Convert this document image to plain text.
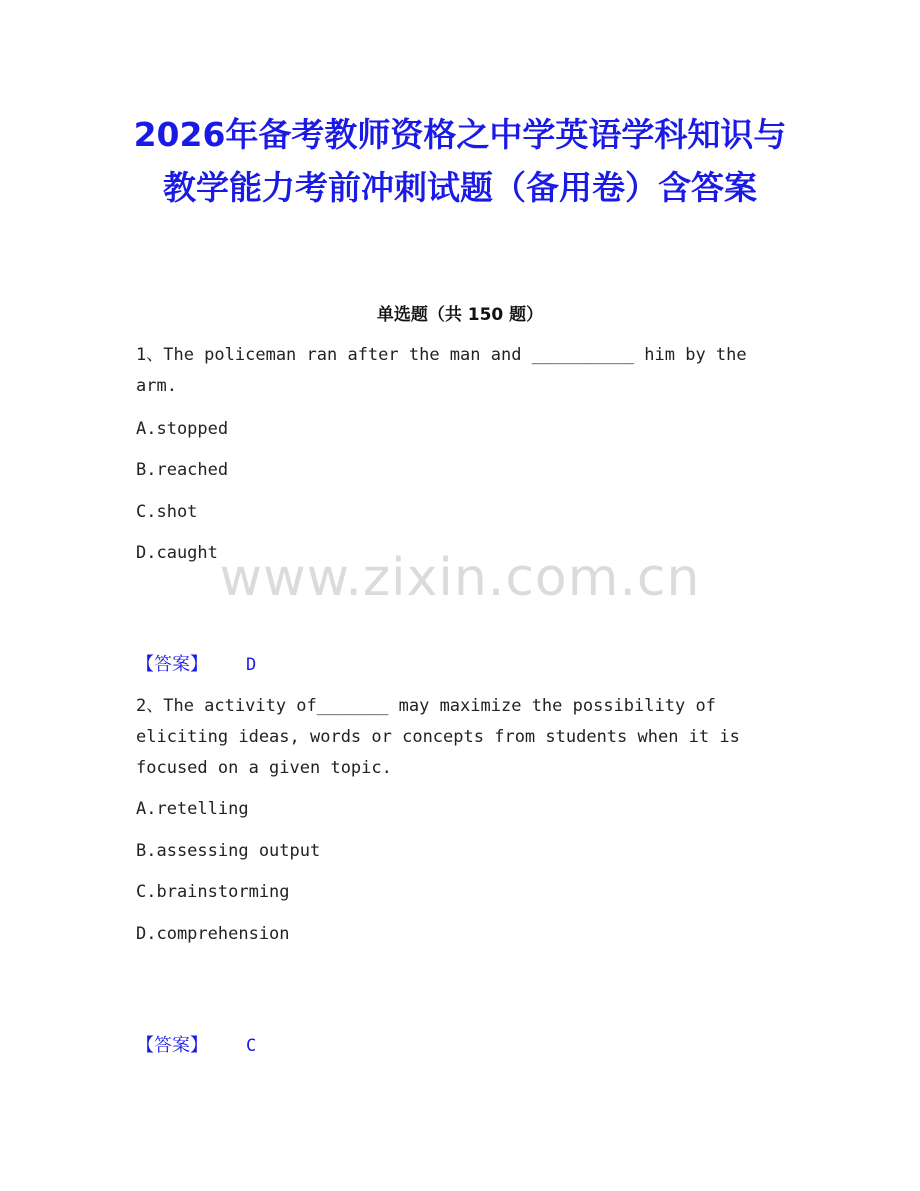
2026年备考教师资格之中学英语学科知识与教学能力考前冲刺试题（备用卷）含答案
单选题（共 150 题）
1、The policeman ran after the man and __________ him by the arm.
A.stopped
B.reached
C.shot
D.caught www.zixin.com.cn
【答案】 D
2、The activity of_______ may maximize the possibility of eliciting ideas, words or concepts from students when it is focused on a given topic.
A.retelling
B.assessing output
C.brainstorming
D.comprehension
【答案】 C
